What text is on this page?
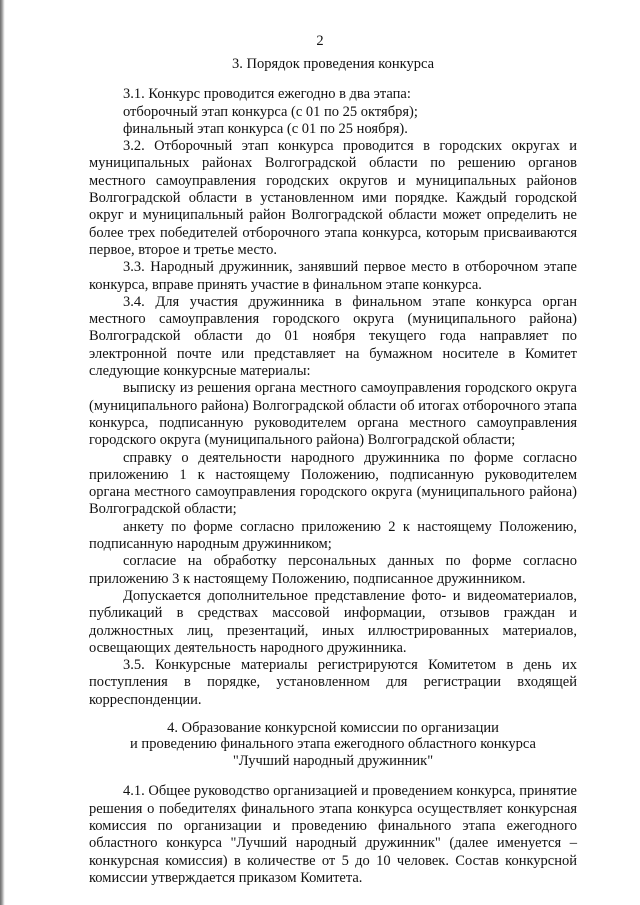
2
3. Порядок проведения конкурса

3.1. Конкурс проводится ежегодно в два этапа:

отборочный этап конкурса (с 01 по 25 октября);

финальный этап конкурса (с 01 по 25 ноября).

3.2. Отборочный этап конкурса проводится в городских округах и муниципальных районах Волгоградской области по решению органов местного самоуправления городских округов и муниципальных районов Волгоградской области в установленном ими порядке. Каждый городской округ и муниципальный район Волгоградской области может определить не более трех победителей отборочного этапа конкурса, которым присваиваются первое, второе и третье место.

3.3. Народный дружинник, занявший первое место в отборочном этапе конкурса, вправе принять участие в финальном этапе конкурса.

3.4. Для участия дружинника в финальном этапе конкурса орган местного самоуправления городского округа (муниципального района) Волгоградской области до 01 ноября текущего года направляет по электронной почте или представляет на бумажном носителе в Комитет следующие конкурсные материалы:

выписку из решения органа местного самоуправления городского округа (муниципального района) Волгоградской области об итогах отборочного этапа конкурса, подписанную руководителем органа местного самоуправления городского округа (муниципального района) Волгоградской области;

справку о деятельности народного дружинника по форме согласно приложению 1 к настоящему Положению, подписанную руководителем органа местного самоуправления городского округа (муниципального района) Волгоградской области;

анкету по форме согласно приложению 2 к настоящему Положению, подписанную народным дружинником;

согласие на обработку персональных данных по форме согласно приложению 3 к настоящему Положению, подписанное дружинником.

Допускается дополнительное представление фото- и видеоматериалов, публикаций в средствах массовой информации, отзывов граждан и должностных лиц, презентаций, иных иллюстрированных материалов, освещающих деятельность народного дружинника.

3.5. Конкурсные материалы регистрируются Комитетом в день их поступления в порядке, установленном для регистрации входящей корреспонденции.

4. Образование конкурсной комиссии по организации
и проведению финального этапа ежегодного областного конкурса
"Лучший народный дружинник"

4.1. Общее руководство организацией и проведением конкурса, принятие решения о победителях финального этапа конкурса осуществляет конкурсная комиссия по организации и проведению финального этапа ежегодного областного конкурса "Лучший народный дружинник" (далее именуется – конкурсная комиссия) в количестве от 5 до 10 человек. Состав конкурсной комиссии утверждается приказом Комитета.
